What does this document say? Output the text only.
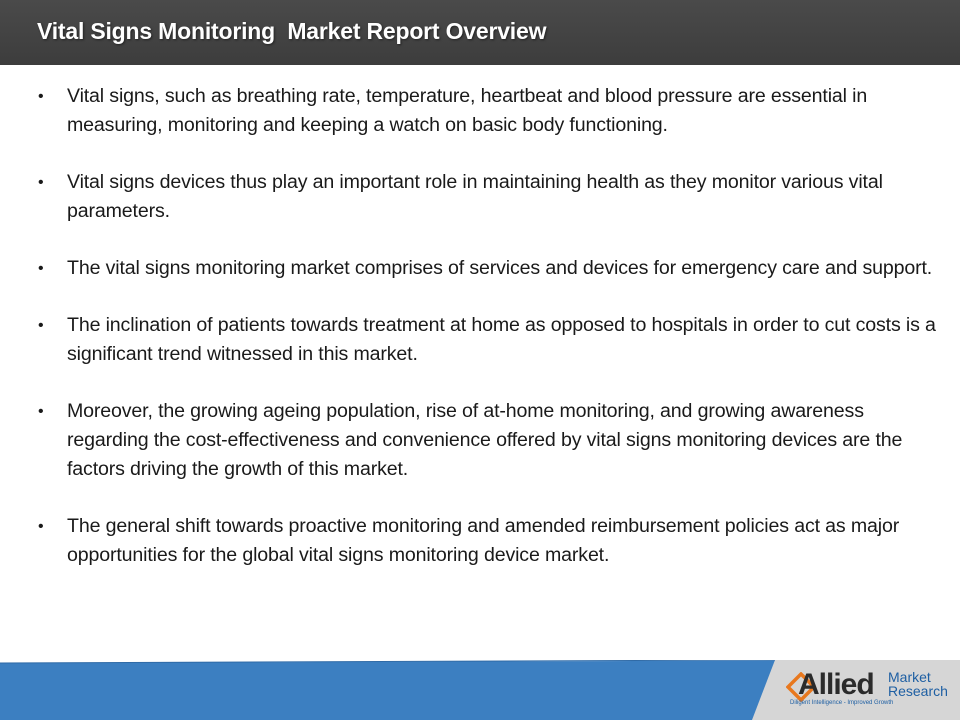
Vital Signs Monitoring  Market Report Overview
• Vital signs, such as breathing rate, temperature, heartbeat and blood pressure are essential in measuring, monitoring and keeping a watch on basic body functioning.
• Vital signs devices thus play an important role in maintaining health as they monitor various vital parameters.
• The vital signs monitoring market comprises of services and devices for emergency care and support.
• The inclination of patients towards treatment at home as opposed to hospitals in order to cut costs is a significant trend witnessed in this market.
• Moreover, the growing ageing population, rise of at-home monitoring, and growing awareness regarding the cost-effectiveness and convenience offered by vital signs monitoring devices are the factors driving the growth of this market.
• The general shift towards proactive monitoring and amended reimbursement policies act as major opportunities for the global vital signs monitoring device market.
Allied Market
Research
Diligent Intelligence - Improved Growth
